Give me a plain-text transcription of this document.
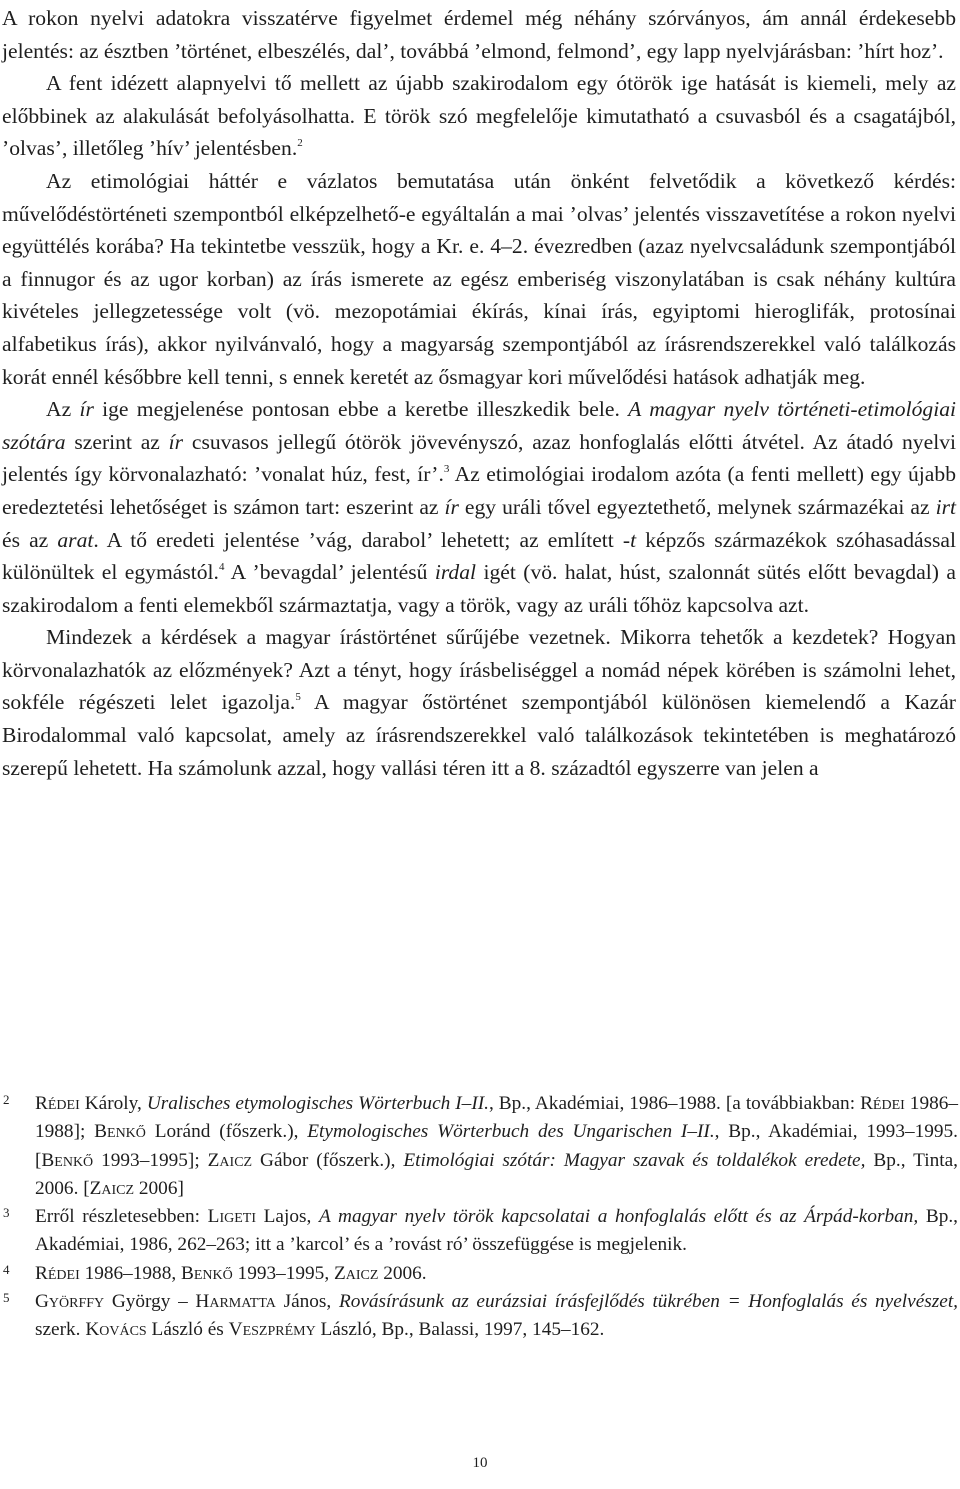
A rokon nyelvi adatokra visszatérve figyelmet érdemel még néhány szórványos, ám annál érdekesebb jelentés: az észtben ’történet, elbeszélés, dal’, továbbá ’elmond, felmond’, egy lapp nyelvjárásban: ’hírt hoz’.

A fent idézett alapnyelvi tő mellett az újabb szakirodalom egy ótörök ige hatását is kiemeli, mely az előbbinek az alakulását befolyásolhatta. E török szó megfelelője kimutatható a csuvasból és a csagatájból, ’olvas’, illetőleg ’hív’ jelentésben.$^2$

Az etimológiai háttér e vázlatos bemutatása után önként felvetődik a következő kérdés: művelődéstörténeti szempontból elképzelhető-e egyáltalán a mai ’olvas’ jelentés visszavetítése a rokon nyelvi együttélés korába? Ha tekintetbe vesszük, hogy a Kr. e. 4–2. évezredben (azaz nyelvcsaládunk szempontjából a finnugor és az ugor korban) az írás ismerete az egész emberiség viszonylatában is csak néhány kultúra kivételes jellegzetessége volt (vö. mezopotámiai ékírás, kínai írás, egyiptomi hieroglifák, protosínai alfabetikus írás), akkor nyilvánvaló, hogy a magyarság szempontjából az írásrendszerekkel való találkozás korát ennél későbbre kell tenni, s ennek keretét az ősmagyar kori művelődési hatások adhatják meg.

Az ír ige megjelenése pontosan ebbe a keretbe illeszkedik bele. A magyar nyelv történeti-etimológiai szótára szerint az ír csuvasos jellegű ótörök jövevényszó, azaz honfoglalás előtti átvétel. Az átadó nyelvi jelentés így körvonalazható: ’vonalat húz, fest, ír’.$^3$ Az etimológiai irodalom azóta (a fenti mellett) egy újabb eredeztetési lehetőséget is számon tart: eszerint az ír egy uráli tővel egyeztethető, melynek származékai az irt és az arat. A tő eredeti jelentése ’vág, darabol’ lehetett; az említett -t képzős származékok szóhasadással különültek el egymástól.$^4$ A ’bevagdal’ jelentésű irdal igét (vö. halat, húst, szalonnát sütés előtt bevagdal) a szakirodalom a fenti elemekből származtatja, vagy a török, vagy az uráli tőhöz kapcsolva azt.

Mindezek a kérdések a magyar írástörténet sűrűjébe vezetnek. Mikorra tehetők a kezdetek? Hogyan körvonalazhatók az előzmények? Azt a tényt, hogy írásbeliséggel a nomád népek körében is számolni lehet, sokféle régészeti lelet igazolja.$^5$ A magyar őstörténet szempontjából különösen kiemelendő a Kazár Birodalommal való kapcsolat, amely az írásrendszerekkel való találkozások tekintetében is meghatározó szerepű lehetett. Ha számolunk azzal, hogy vallási téren itt a 8. századtól egyszerre van jelen a

2 Rédei Károly, Uralisches etymologisches Wörterbuch I–II., Bp., Akadémiai, 1986–1988. [a továbbiakban: Rédei 1986–1988]; Benkő Loránd (főszerk.), Etymologisches Wörterbuch des Ungarischen I–II., Bp., Akadémiai, 1993–1995. [Benkő 1993–1995]; Zaicz Gábor (főszerk.), Etimológiai szótár: Magyar szavak és toldalékok eredete, Bp., Tinta, 2006. [Zaicz 2006]

3 Erről részletesebben: Ligeti Lajos, A magyar nyelv török kapcsolatai a honfoglalás előtt és az Árpád-korban, Bp., Akadémiai, 1986, 262–263; itt a ’karcol’ és a ’rovást ró’ összefüggése is megjelenik.

4 Rédei 1986–1988, Benkő 1993–1995, Zaicz 2006.

5 Györffy György – Harmatta János, Rovásírásunk az eurázsiai írásfejlődés tükrében = Honfoglalás és nyelvészet, szerk. Kovács László és Veszprémy László, Bp., Balassi, 1997, 145–162.

10
